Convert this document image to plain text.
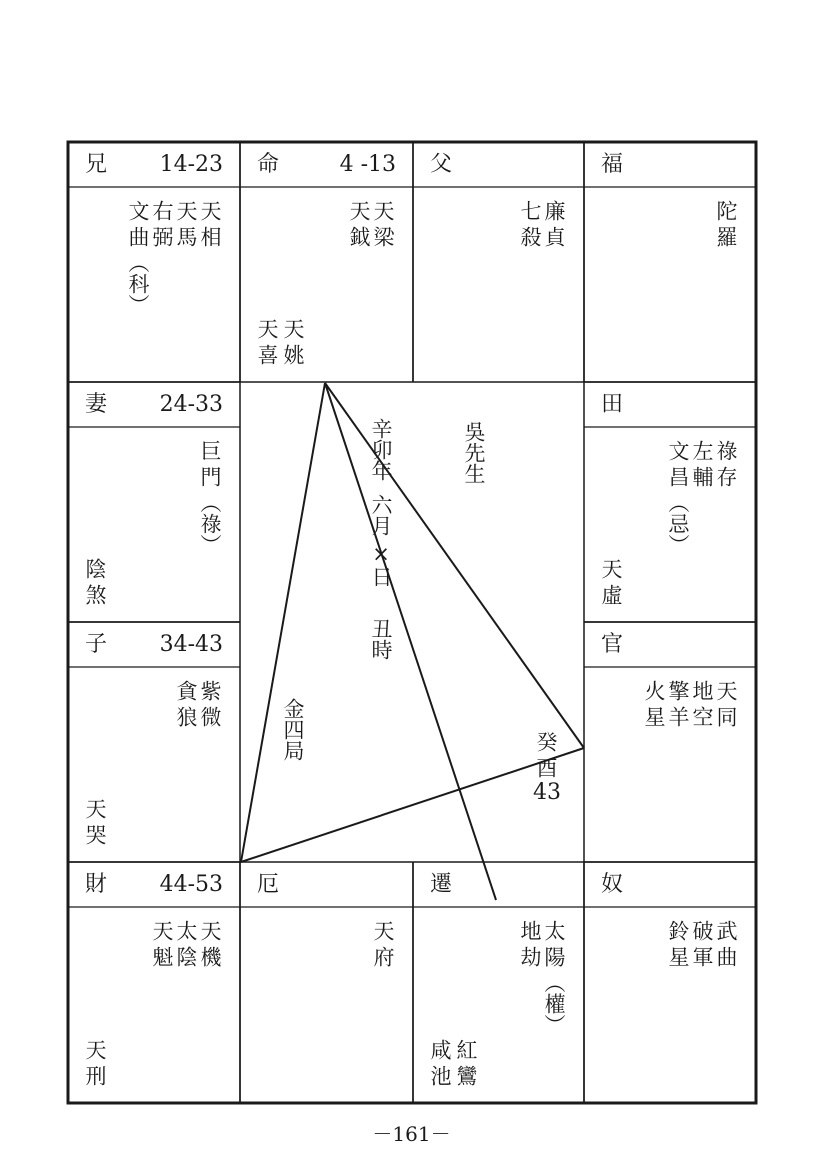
兄 14-23
天
相
天
馬
右
弼
文
曲
（科）
命	4 -13
天
梁
天
鉞
天
姚
天
喜
父
廉
貞
七
殺
福
陀
羅
妻 24-33
巨
門
（祿）
陰
煞
田
祿
存
左
輔
文
昌
（忌）
天
虛
子 34-43
紫
微
貪
狼
天
哭
官
天
同
地
空
擎
羊
火
星
財 44-53
天
機
太
陰
天
魁
天
刑
厄
天
府
遷
太
陽
（權）
地
劫
紅
鸞
咸
池
奴
武
曲
破
軍
鈴
星
吳先生
辛卯年
六月
×日
丑時
金四局	癸
酉
43
－161－
